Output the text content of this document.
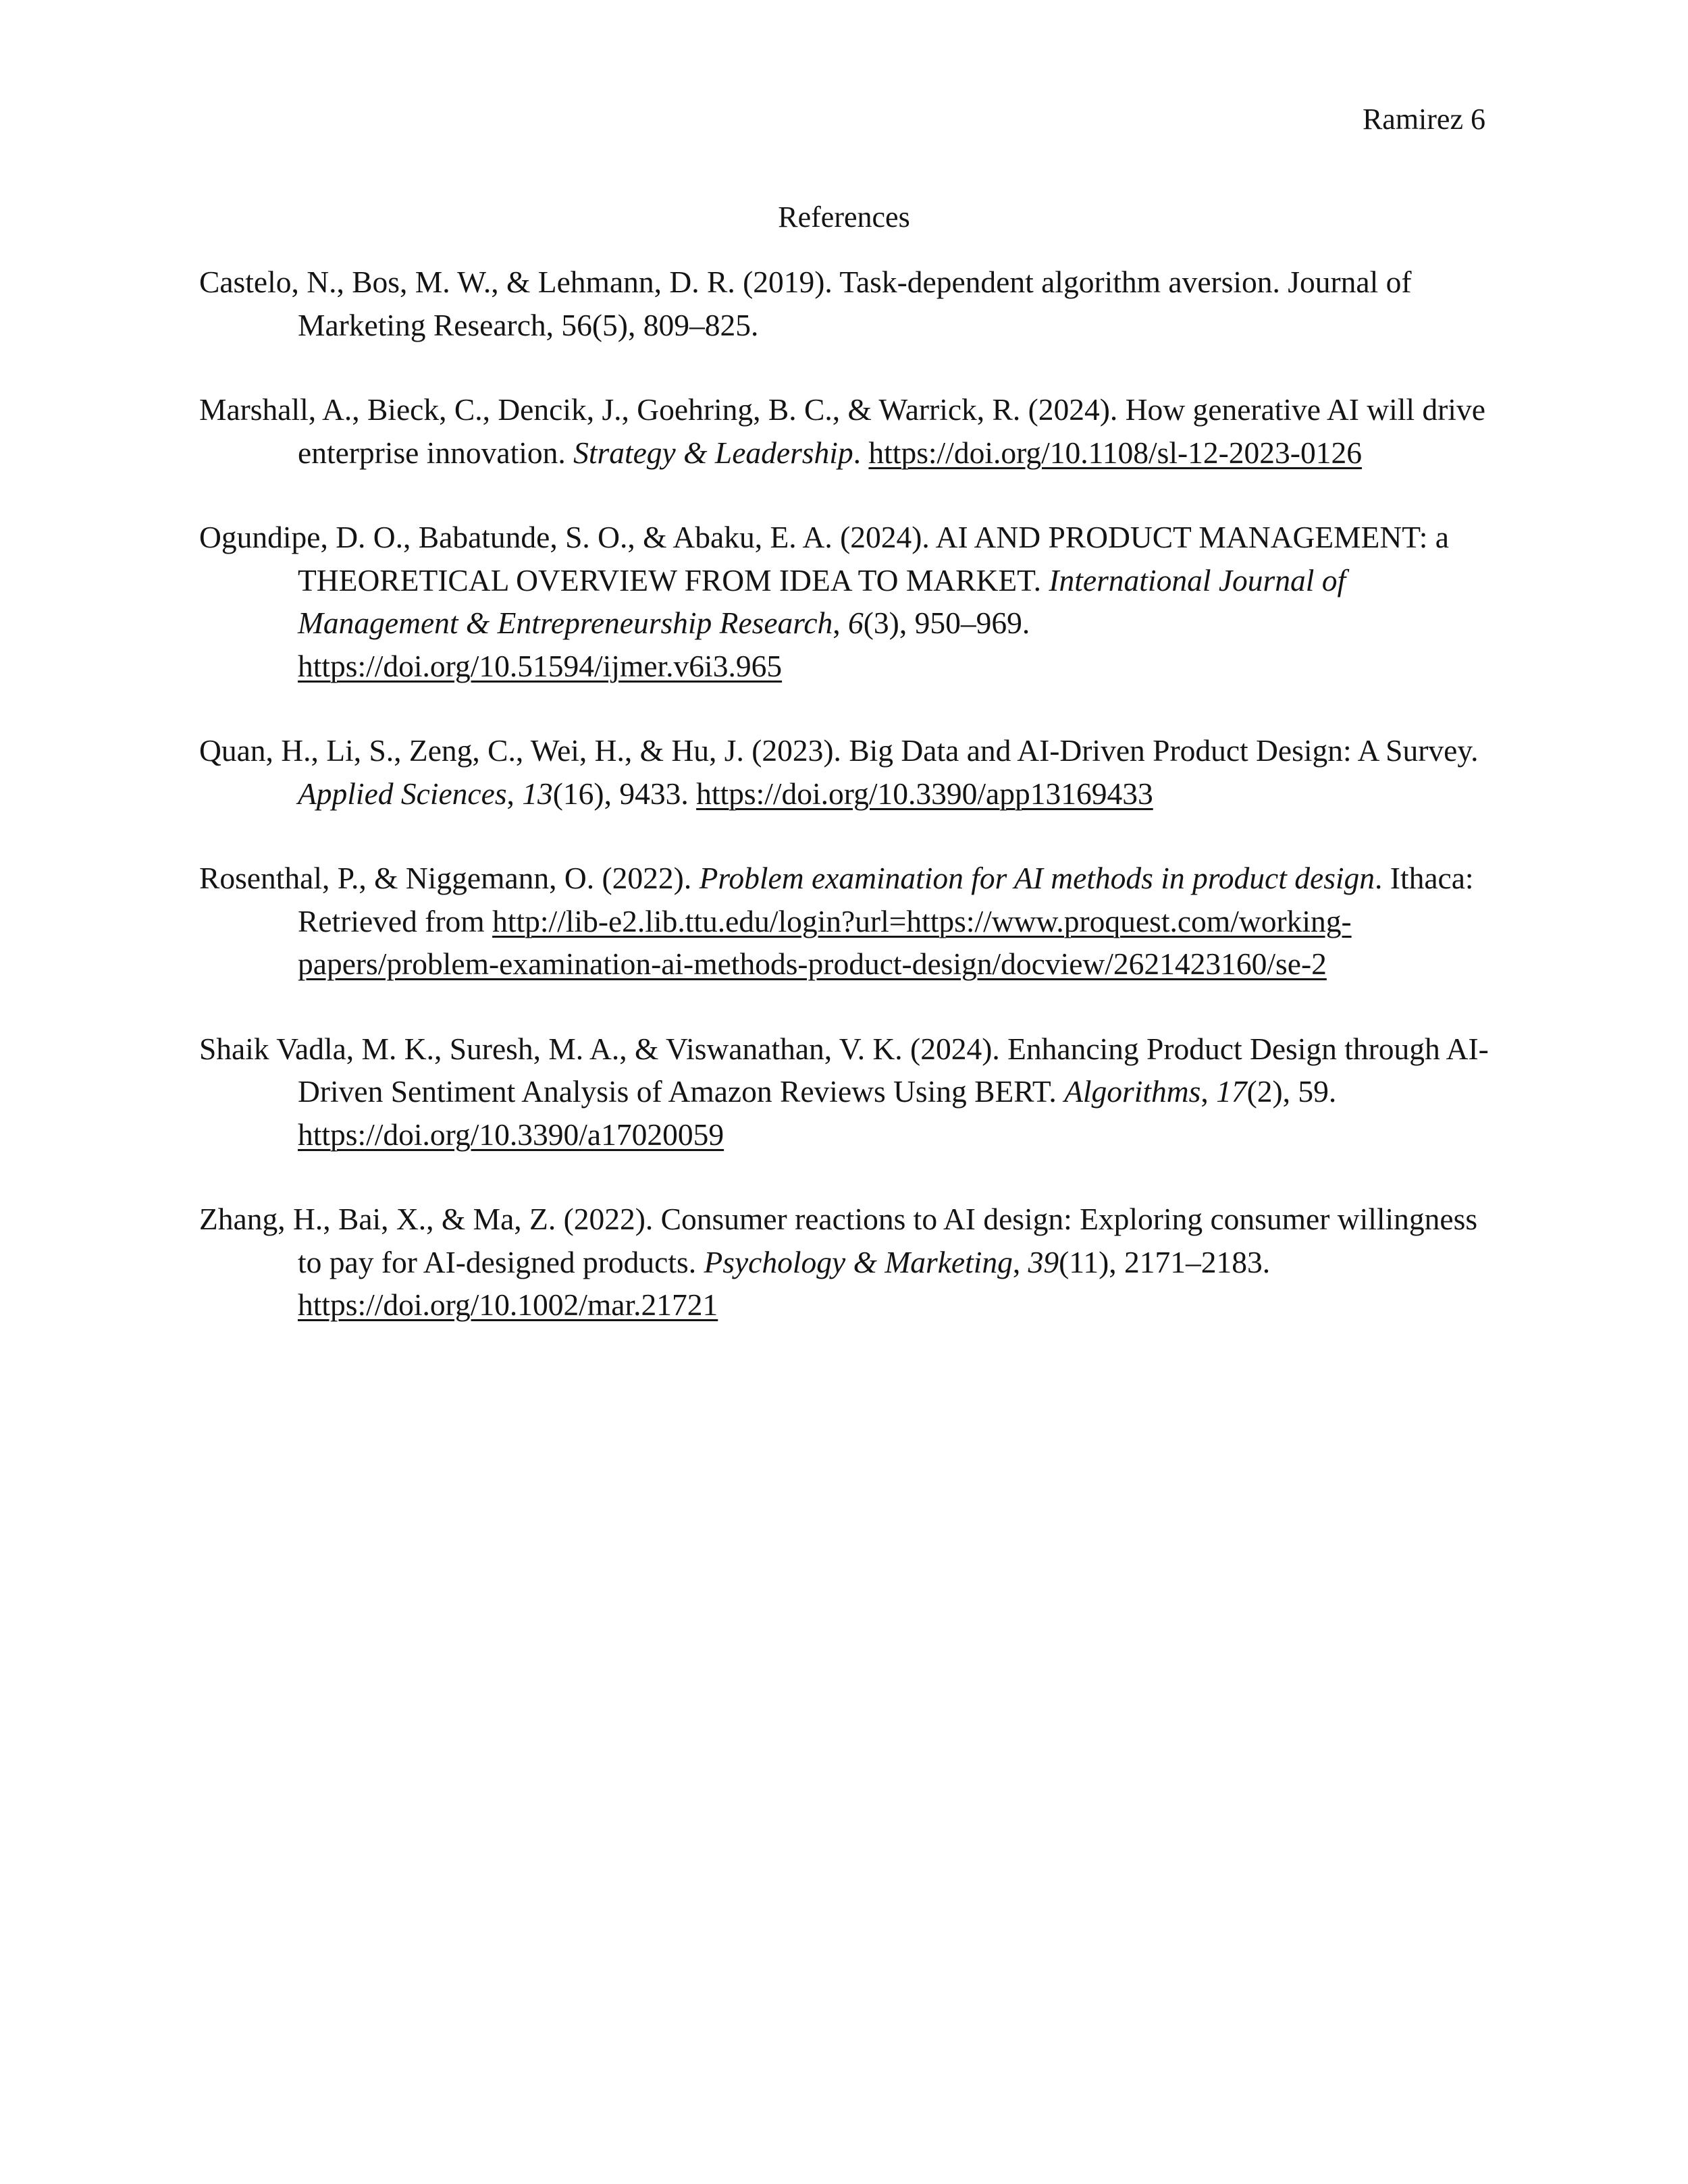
Ramirez 6
References
Castelo, N., Bos, M. W., & Lehmann, D. R. (2019). Task-dependent algorithm aversion. Journal of Marketing Research, 56(5), 809–825.
Marshall, A., Bieck, C., Dencik, J., Goehring, B. C., & Warrick, R. (2024). How generative AI will drive enterprise innovation. Strategy & Leadership. https://doi.org/10.1108/sl-12-2023-0126
Ogundipe, D. O., Babatunde, S. O., & Abaku, E. A. (2024). AI AND PRODUCT MANAGEMENT: a THEORETICAL OVERVIEW FROM IDEA TO MARKET. International Journal of Management & Entrepreneurship Research, 6(3), 950–969. https://doi.org/10.51594/ijmer.v6i3.965
Quan, H., Li, S., Zeng, C., Wei, H., & Hu, J. (2023). Big Data and AI-Driven Product Design: A Survey. Applied Sciences, 13(16), 9433. https://doi.org/10.3390/app13169433
Rosenthal, P., & Niggemann, O. (2022). Problem examination for AI methods in product design. Ithaca: Retrieved from http://lib-e2.lib.ttu.edu/login?url=https://www.proquest.com/working-papers/problem-examination-ai-methods-product-design/docview/2621423160/se-2
Shaik Vadla, M. K., Suresh, M. A., & Viswanathan, V. K. (2024). Enhancing Product Design through AI-Driven Sentiment Analysis of Amazon Reviews Using BERT. Algorithms, 17(2), 59. https://doi.org/10.3390/a17020059
Zhang, H., Bai, X., & Ma, Z. (2022). Consumer reactions to AI design: Exploring consumer willingness to pay for AI-designed products. Psychology & Marketing, 39(11), 2171–2183. https://doi.org/10.1002/mar.21721
